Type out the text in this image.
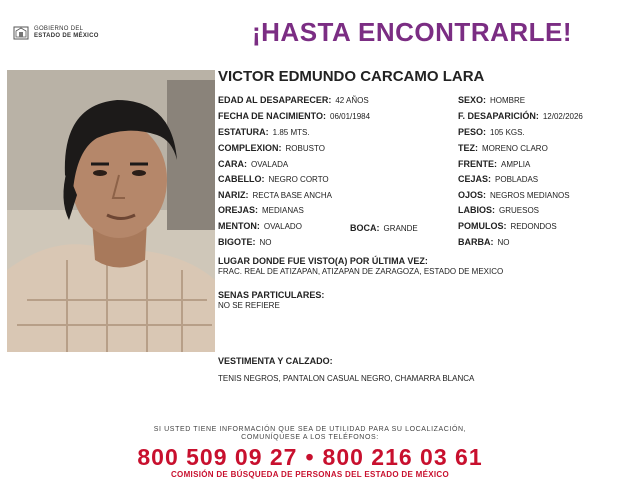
GOBIERNO DEL
ESTADO DE MÉXICO	¡HASTA ENCONTRARLE!
VICTOR EDMUNDO CARCAMO LARA
EDAD AL DESAPARECER: 42 AÑOS
FECHA DE NACIMIENTO: 06/01/1984
ESTATURA: 1.85 MTS.
COMPLEXION: ROBUSTO
CARA: OVALADA
CABELLO: NEGRO CORTO
NARIZ: RECTA BASE ANCHA
OREJAS: MEDIANAS
MENTON: OVALADO
BIGOTE: NO
BOCA: GRANDE
SEXO: HOMBRE
F. DESAPARICIÓN: 12/02/2026
PESO: 105 KGS.
TEZ: MORENO CLARO
FRENTE: AMPLIA
CEJAS: POBLADAS
OJOS: NEGROS MEDIANOS
LABIOS: GRUESOS
POMULOS: REDONDOS
BARBA: NO
LUGAR DONDE FUE VISTO(A) POR ÚLTIMA VEZ:
FRAC. REAL DE ATIZAPAN, ATIZAPAN DE ZARAGOZA, ESTADO DE MEXICO
SENAS PARTICULARES:
NO SE REFIERE
VESTIMENTA Y CALZADO:
TENIS NEGROS, PANTALON CASUAL NEGRO, CHAMARRA BLANCA
SI USTED TIENE INFORMACIÓN QUE SEA DE UTILIDAD PARA SU LOCALIZACIÓN,
COMUNÍQUESE A LOS TELÉFONOS:
800 509 09 27 • 800 216 03 61
COMISIÓN DE BÚSQUEDA DE PERSONAS DEL ESTADO DE MÉXICO
